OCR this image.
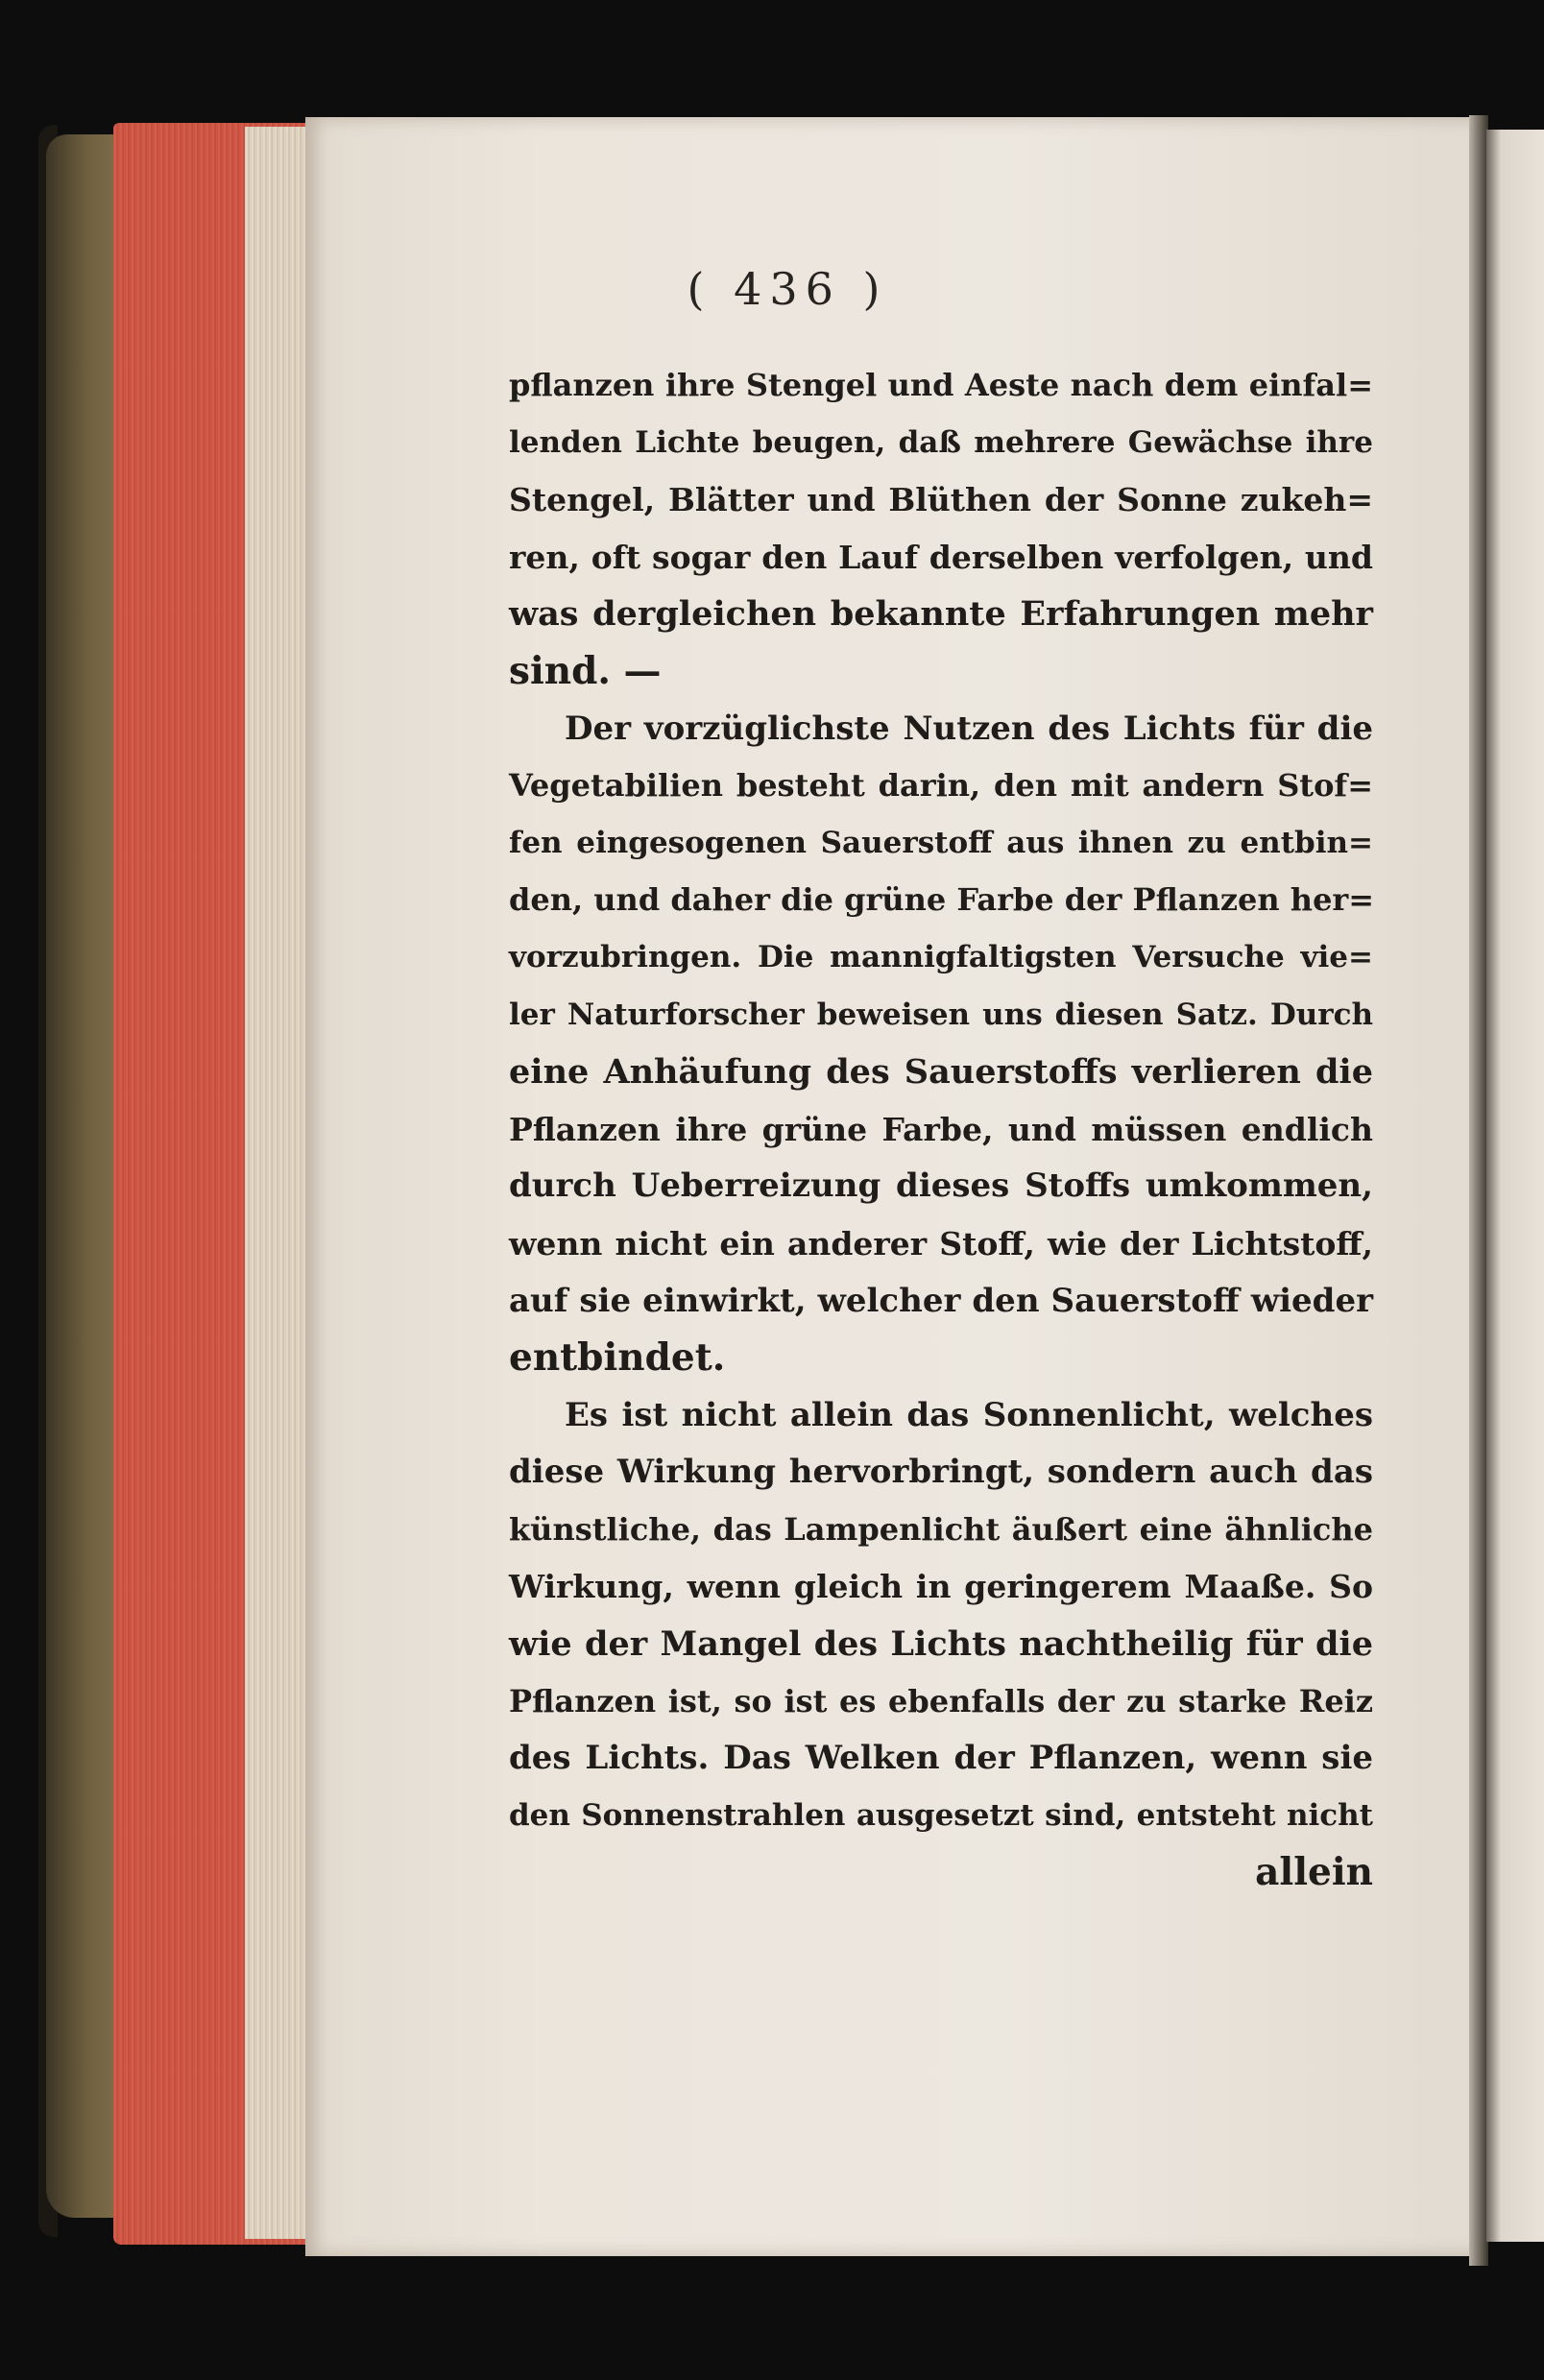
( 436 )
pflanzen ihre Stengel und Aeste nach dem einfal=
lenden Lichte beugen, daß mehrere Gewächse ihre
Stengel, Blätter und Blüthen der Sonne zukeh=
ren, oft sogar den Lauf derselben verfolgen, und
was dergleichen bekannte Erfahrungen mehr
sind. —
Der vorzüglichste Nutzen des Lichts für die
Vegetabilien besteht darin, den mit andern Stof=
fen eingesogenen Sauerstoff aus ihnen zu entbin=
den, und daher die grüne Farbe der Pflanzen her=
vorzubringen. Die mannigfaltigsten Versuche vie=
ler Naturforscher beweisen uns diesen Satz. Durch
eine Anhäufung des Sauerstoffs verlieren die
Pflanzen ihre grüne Farbe, und müssen endlich
durch Ueberreizung dieses Stoffs umkommen,
wenn nicht ein anderer Stoff, wie der Lichtstoff,
auf sie einwirkt, welcher den Sauerstoff wieder
entbindet.
Es ist nicht allein das Sonnenlicht, welches
diese Wirkung hervorbringt, sondern auch das
künstliche, das Lampenlicht äußert eine ähnliche
Wirkung, wenn gleich in geringerem Maaße. So
wie der Mangel des Lichts nachtheilig für die
Pflanzen ist, so ist es ebenfalls der zu starke Reiz
des Lichts. Das Welken der Pflanzen, wenn sie
den Sonnenstrahlen ausgesetzt sind, entsteht nicht
allein
